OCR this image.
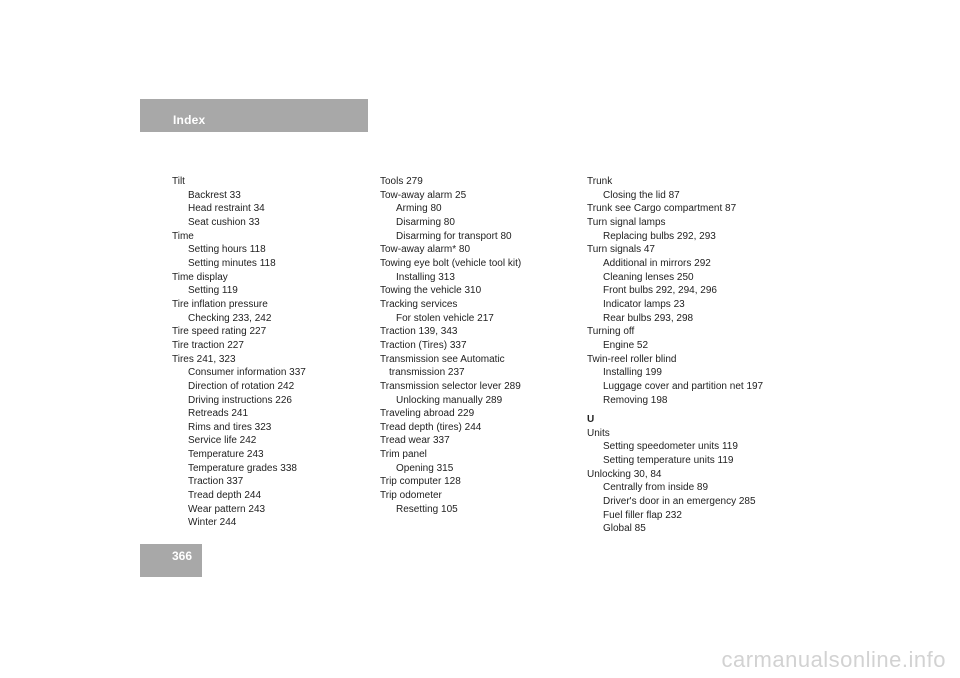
Index
Tilt
Backrest 33
Head restraint 34
Seat cushion 33
Time
Setting hours 118
Setting minutes 118
Time display
Setting 119
Tire inflation pressure
Checking 233, 242
Tire speed rating 227
Tire traction 227
Tires 241, 323
Consumer information 337
Direction of rotation 242
Driving instructions 226
Retreads 241
Rims and tires 323
Service life 242
Temperature 243
Temperature grades 338
Traction 337
Tread depth 244
Wear pattern 243
Winter 244
Tools 279
Tow-away alarm 25
Arming 80
Disarming 80
Disarming for transport 80
Tow-away alarm* 80
Towing eye bolt (vehicle tool kit)
Installing 313
Towing the vehicle 310
Tracking services
For stolen vehicle 217
Traction 139, 343
Traction (Tires) 337
Transmission see Automatic
transmission 237
Transmission selector lever 289
Unlocking manually 289
Traveling abroad 229
Tread depth (tires) 244
Tread wear 337
Trim panel
Opening 315
Trip computer 128
Trip odometer
Resetting 105
Trunk
Closing the lid 87
Trunk see Cargo compartment 87
Turn signal lamps
Replacing bulbs 292, 293
Turn signals 47
Additional in mirrors 292
Cleaning lenses 250
Front bulbs 292, 294, 296
Indicator lamps 23
Rear bulbs 293, 298
Turning off
Engine 52
Twin-reel roller blind
Installing 199
Luggage cover and partition net 197
Removing 198
U
Units
Setting speedometer units 119
Setting temperature units 119
Unlocking 30, 84
Centrally from inside 89
Driver's door in an emergency 285
Fuel filler flap 232
Global 85
366
carmanualsonline.info
